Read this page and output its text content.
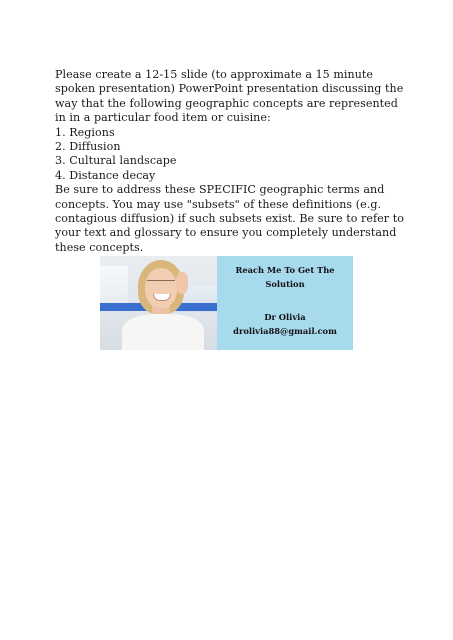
Please create a 12-15 slide (to approximate a 15 minute spoken presentation) PowerPoint presentation discussing the way that the following geographic concepts are represented in in a particular food item or cuisine:

1. Regions
2. Diffusion
3. Cultural landscape
4. Distance decay

Be sure to address these SPECIFIC geographic terms and concepts. You may use "subsets" of these definitions (e.g. contagious diffusion) if such subsets exist. Be sure to refer to your text and glossary to ensure you completely understand these concepts.

Reach Me To Get The
Solution
Dr Olivia
drolivia88@gmail.com
